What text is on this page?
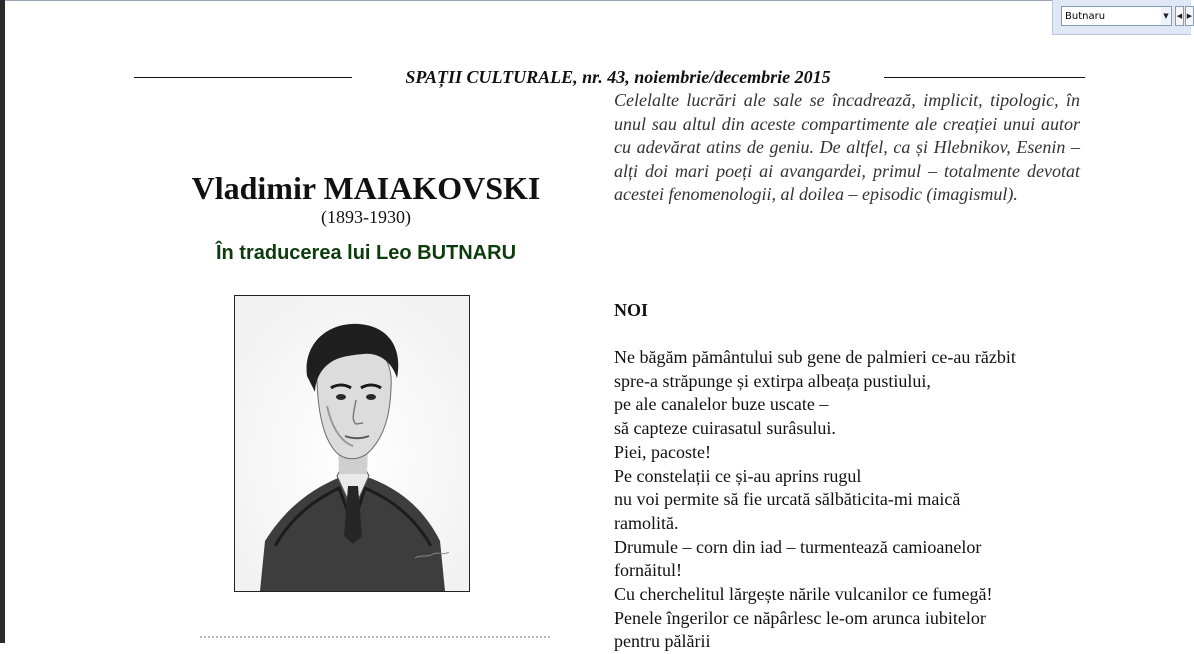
Butnaru
▼	◀ ▶
SPAȚII CULTURALE, nr. 43, noiembrie/decembrie 2015
Vladimir MAIAKOVSKI
(1893-1930)
În traducerea lui Leo BUTNARU
Celelalte lucrări ale sale se încadrează, implicit, tipologic, în unul sau altul din aceste compartimente ale creației unui autor cu adevărat atins de geniu. De altfel, ca și Hlebnikov, Esenin – alți doi mari poeți ai avangardei, primul – totalmente devotat acestei fenomenologii, al doilea – episodic (imagismul).
NOI
Ne băgăm pământului sub gene de palmieri ce-au răzbit
spre-a străpunge și extirpa albeața pustiului,
pe ale canalelor buze uscate –
să capteze cuirasatul surâsului.
Piei, pacoste!
Pe constelații ce și-au aprins rugul
nu voi permite să fie urcată sălbăticita-mi maică
ramolită.
Drumule – corn din iad – turmentează camioanelor
fornăitul!
Cu cherchelitul lărgește nările vulcanilor ce fumegă!
Penele îngerilor ce năpârlesc le-om arunca iubitelor
pentru pălării
